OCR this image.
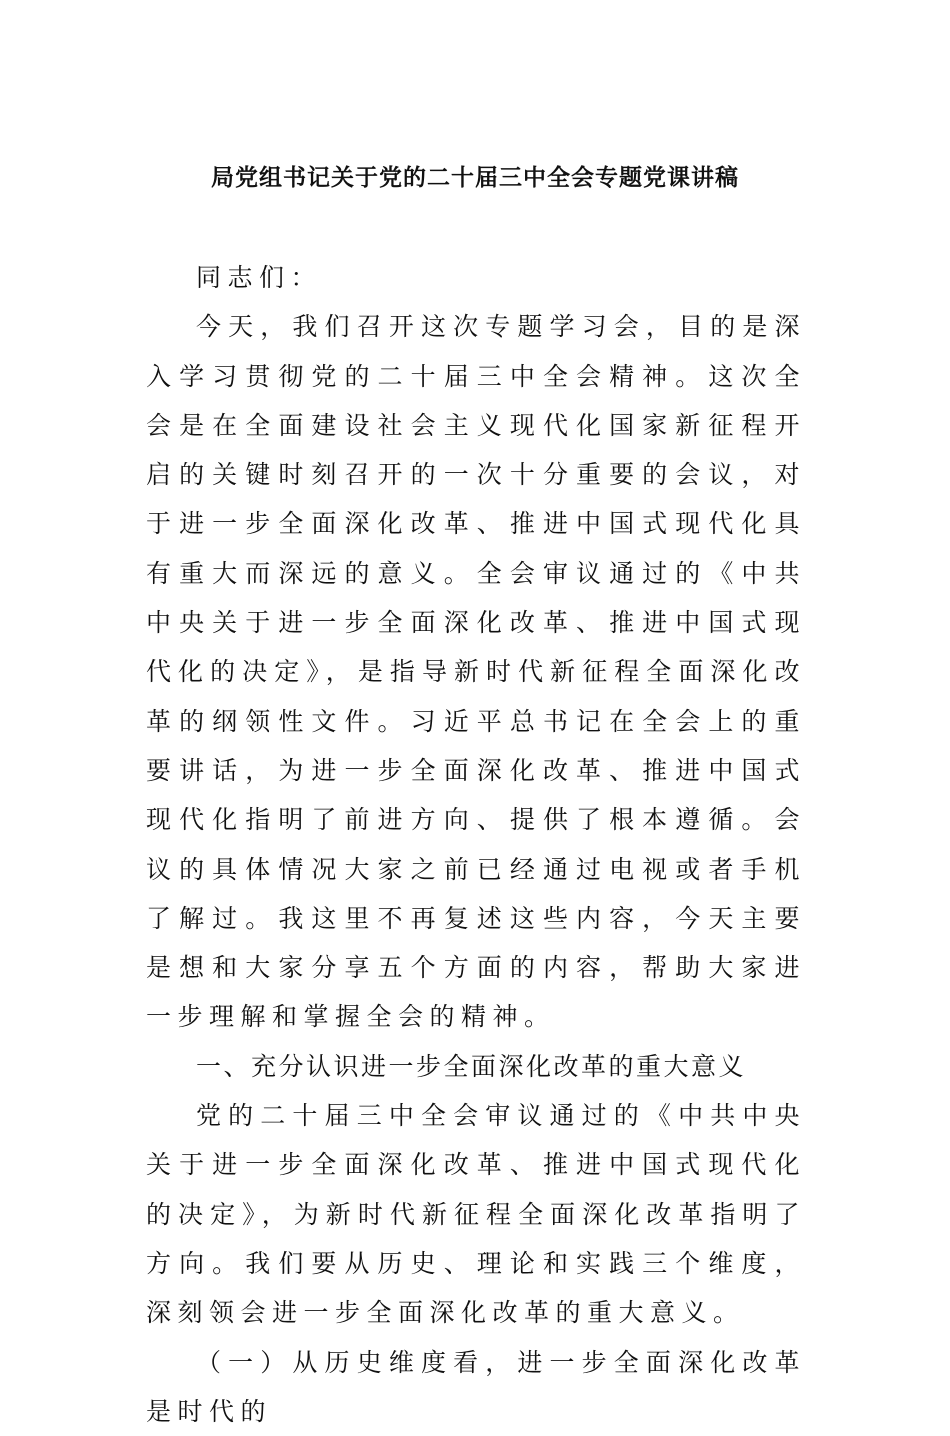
局党组书记关于党的二十届三中全会专题党课讲稿

同志们：

今天，我们召开这次专题学习会，目的是深入学习贯彻党的二十届三中全会精神。这次全会是在全面建设社会主义现代化国家新征程开启的关键时刻召开的一次十分重要的会议，对于进一步全面深化改革、推进中国式现代化具有重大而深远的意义。全会审议通过的《中共中央关于进一步全面深化改革、推进中国式现代化的决定》，是指导新时代新征程全面深化改革的纲领性文件。习近平总书记在全会上的重要讲话，为进一步全面深化改革、推进中国式现代化指明了前进方向、提供了根本遵循。会议的具体情况大家之前已经通过电视或者手机了解过。我这里不再复述这些内容，今天主要是想和大家分享五个方面的内容，帮助大家进一步理解和掌握全会的精神。

一、充分认识进一步全面深化改革的重大意义

党的二十届三中全会审议通过的《中共中央关于进一步全面深化改革、推进中国式现代化的决定》，为新时代新征程全面深化改革指明了方向。我们要从历史、理论和实践三个维度，深刻领会进一步全面深化改革的重大意义。

（一）从历史维度看，进一步全面深化改革是时代的
